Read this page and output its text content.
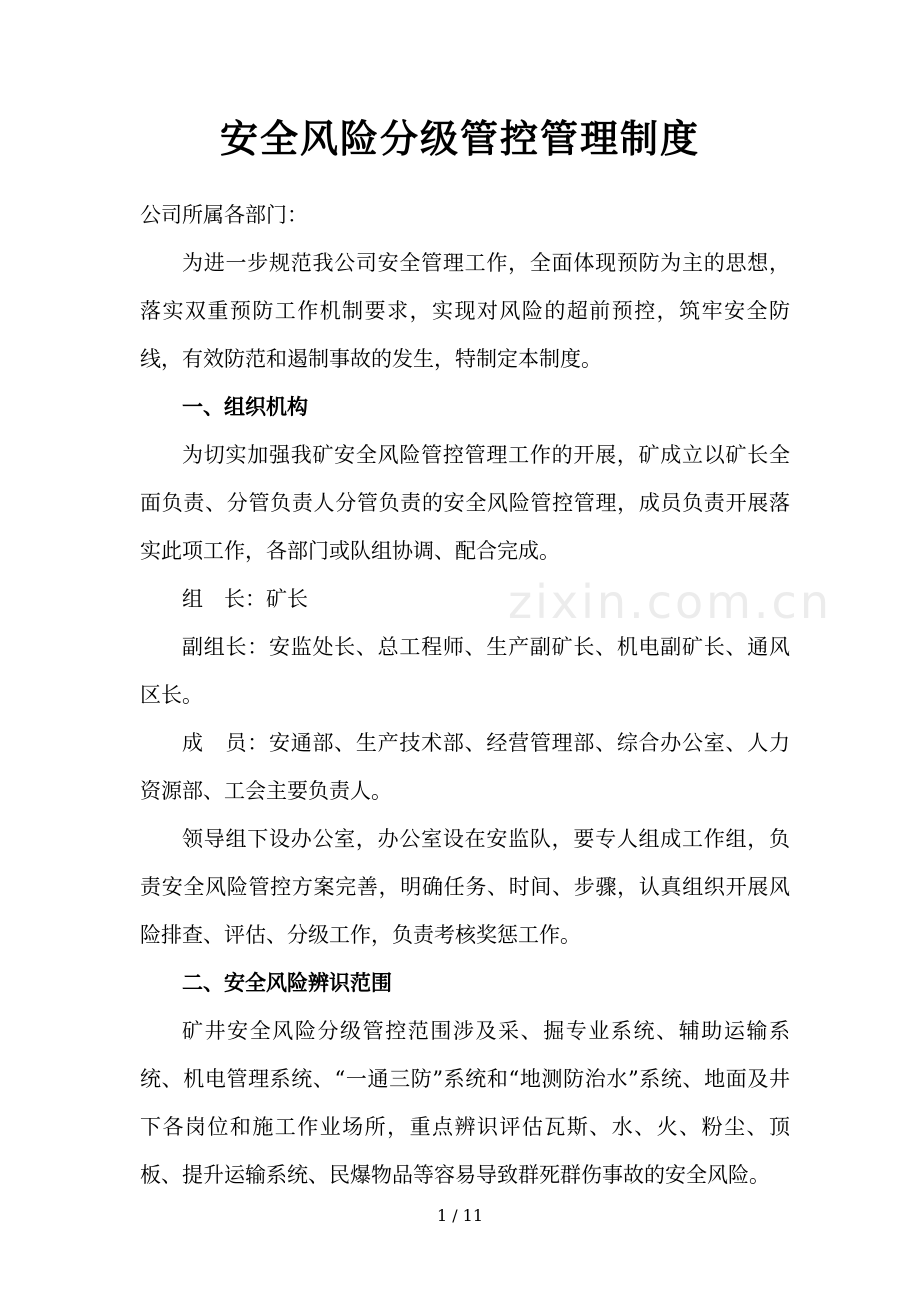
zixin.com.cn
安全风险分级管控管理制度

公司所属各部门：

为进一步规范我公司安全管理工作，全面体现预防为主的思想，落实双重预防工作机制要求，实现对风险的超前预控，筑牢安全防线，有效防范和遏制事故的发生，特制定本制度。

一、组织机构

为切实加强我矿安全风险管控管理工作的开展，矿成立以矿长全面负责、分管负责人分管负责的安全风险管控管理，成员负责开展落实此项工作，各部门或队组协调、配合完成。

组　长：矿长

副组长：安监处长、总工程师、生产副矿长、机电副矿长、通风区长。

成　员：安通部、生产技术部、经营管理部、综合办公室、人力资源部、工会主要负责人。

领导组下设办公室，办公室设在安监队，要专人组成工作组，负责安全风险管控方案完善，明确任务、时间、步骤，认真组织开展风险排查、评估、分级工作，负责考核奖惩工作。

二、安全风险辨识范围

矿井安全风险分级管控范围涉及采、掘专业系统、辅助运输系统、机电管理系统、“一通三防”系统和“地测防治水”系统、地面及井下各岗位和施工作业场所，重点辨识评估瓦斯、水、火、粉尘、顶板、提升运输系统、民爆物品等容易导致群死群伤事故的安全风险。

1 / 11
